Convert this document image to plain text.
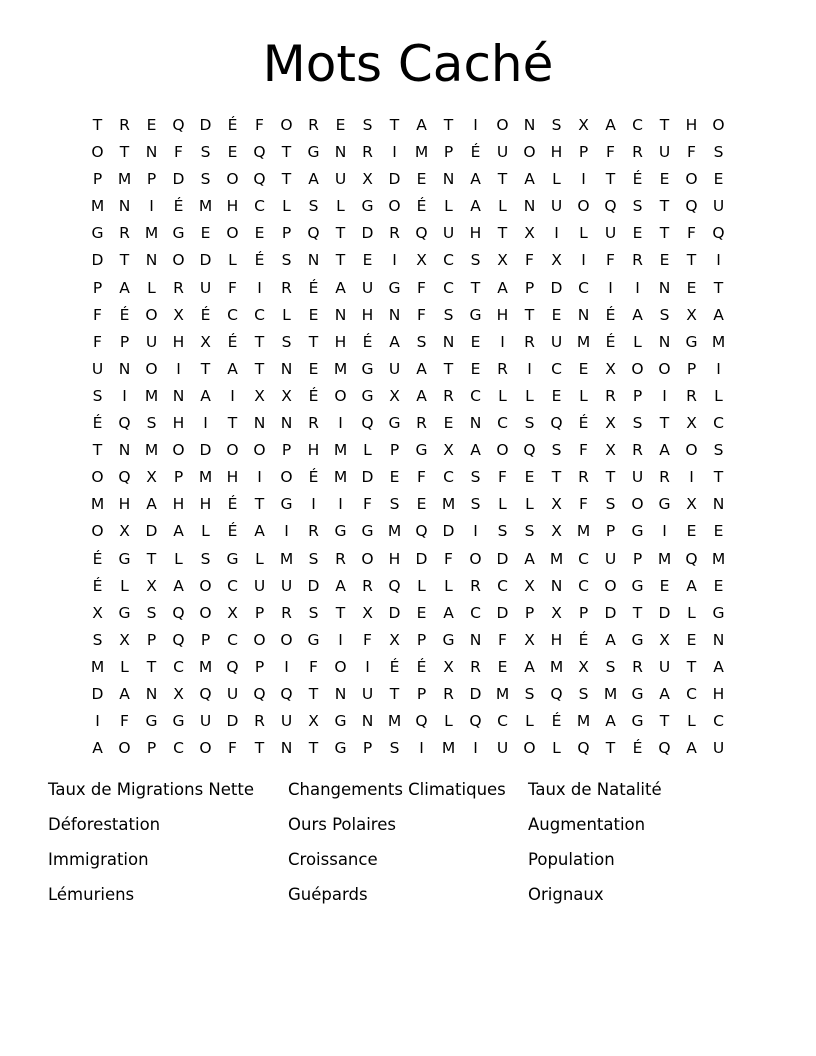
Mots Caché
T	R	E	Q D	É	F	O	R	E	S	T	A	T	I	O N	S	X	A	C	T	H O
O	T	N	F	S	E	Q	T	G N	R	I	M	P	É	U O H	P	F	R	U	F	S
P	M	P	D	S	O Q	T	A	U	X	D	E	N	A	T	A	L	I	T	É	E	O	E
M N	I	É M H	C	L	S	L	G O	É	L	A	L	N	U O Q	S	T	Q U
G	R M G	E	O	E	P	Q	T	D	R	Q U	H	T	X	I	L	U	E	T	F	Q
D	T	N O D	L	É	S	N	T	E	I	X	C	S	X	F	X	I	F	R	E	T	I
P	A	L	R	U	F	I	R	É	A	U G	F	C	T	A	P	D	C	I	I	N	E	T
F	É	O	X	É	C	C	L	E	N H N	F	S	G H	T	E	N	É	A	S	X	A
F	P	U	H	X	É	T	S	T	H	É	A	S	N	E	I	R	U M É	L	N G M
U	N O	I	T	A	T	N	E M G U	A	T	E	R	I	C	E	X	O O	P	I
S	I	M N	A	I	X	X	É	O G	X	A	R	C	L	L	E	L	R	P	I	R	L
É	Q	S	H	I	T	N N	R	I	Q G	R	E	N	C	S	Q	É	X	S	T	X	C
T	N M O D O O	P	H M	L	P	G	X	A	O Q	S	F	X	R	A	O	S
O Q	X	P	M H	I	O	É M D	E	F	C	S	F	E	T	R	T	U	R	I	T
M H	A	H H	É	T	G	I	I	F	S	E M S	L	L	X	F	S	O G	X	N
O	X	D	A	L	É	A	I	R	G G M Q D	I	S	S	X M	P	G	I	E	E
É	G	T	L	S	G	L	M S	R	O H D	F	O D	A M C	U	P	M Q M
É	L	X	A	O C	U	U D	A	R	Q	L	L	R	C	X	N	C O G	E	A	E
X	G	S	Q O	X	P	R	S	T	X	D	E	A	C	D	P	X	P	D	T	D	L	G
S	X	P	Q	P	C O O G	I	F	X	P	G N	F	X	H	É	A	G	X	E	N
M	L	T	C M Q	P	I	F	O	I	É	É	X	R	E	A M X	S	R	U	T	A
D	A	N	X	Q U Q Q	T	N	U	T	P	R	D M S	Q	S M G	A	C	H
I	F	G G U D	R	U	X	G N M Q	L	Q C	L	É M A	G	T	L	C
A	O	P	C O	F	T	N	T	G	P	S	I	M	I	U O	L	Q	T	É	Q	A	U
Taux de Migrations Nette	Changements Climatiques	Taux de Natalité
Déforestation	Ours Polaires	Augmentation
Immigration	Croissance	Population
Lémuriens	Guépards	Orignaux
